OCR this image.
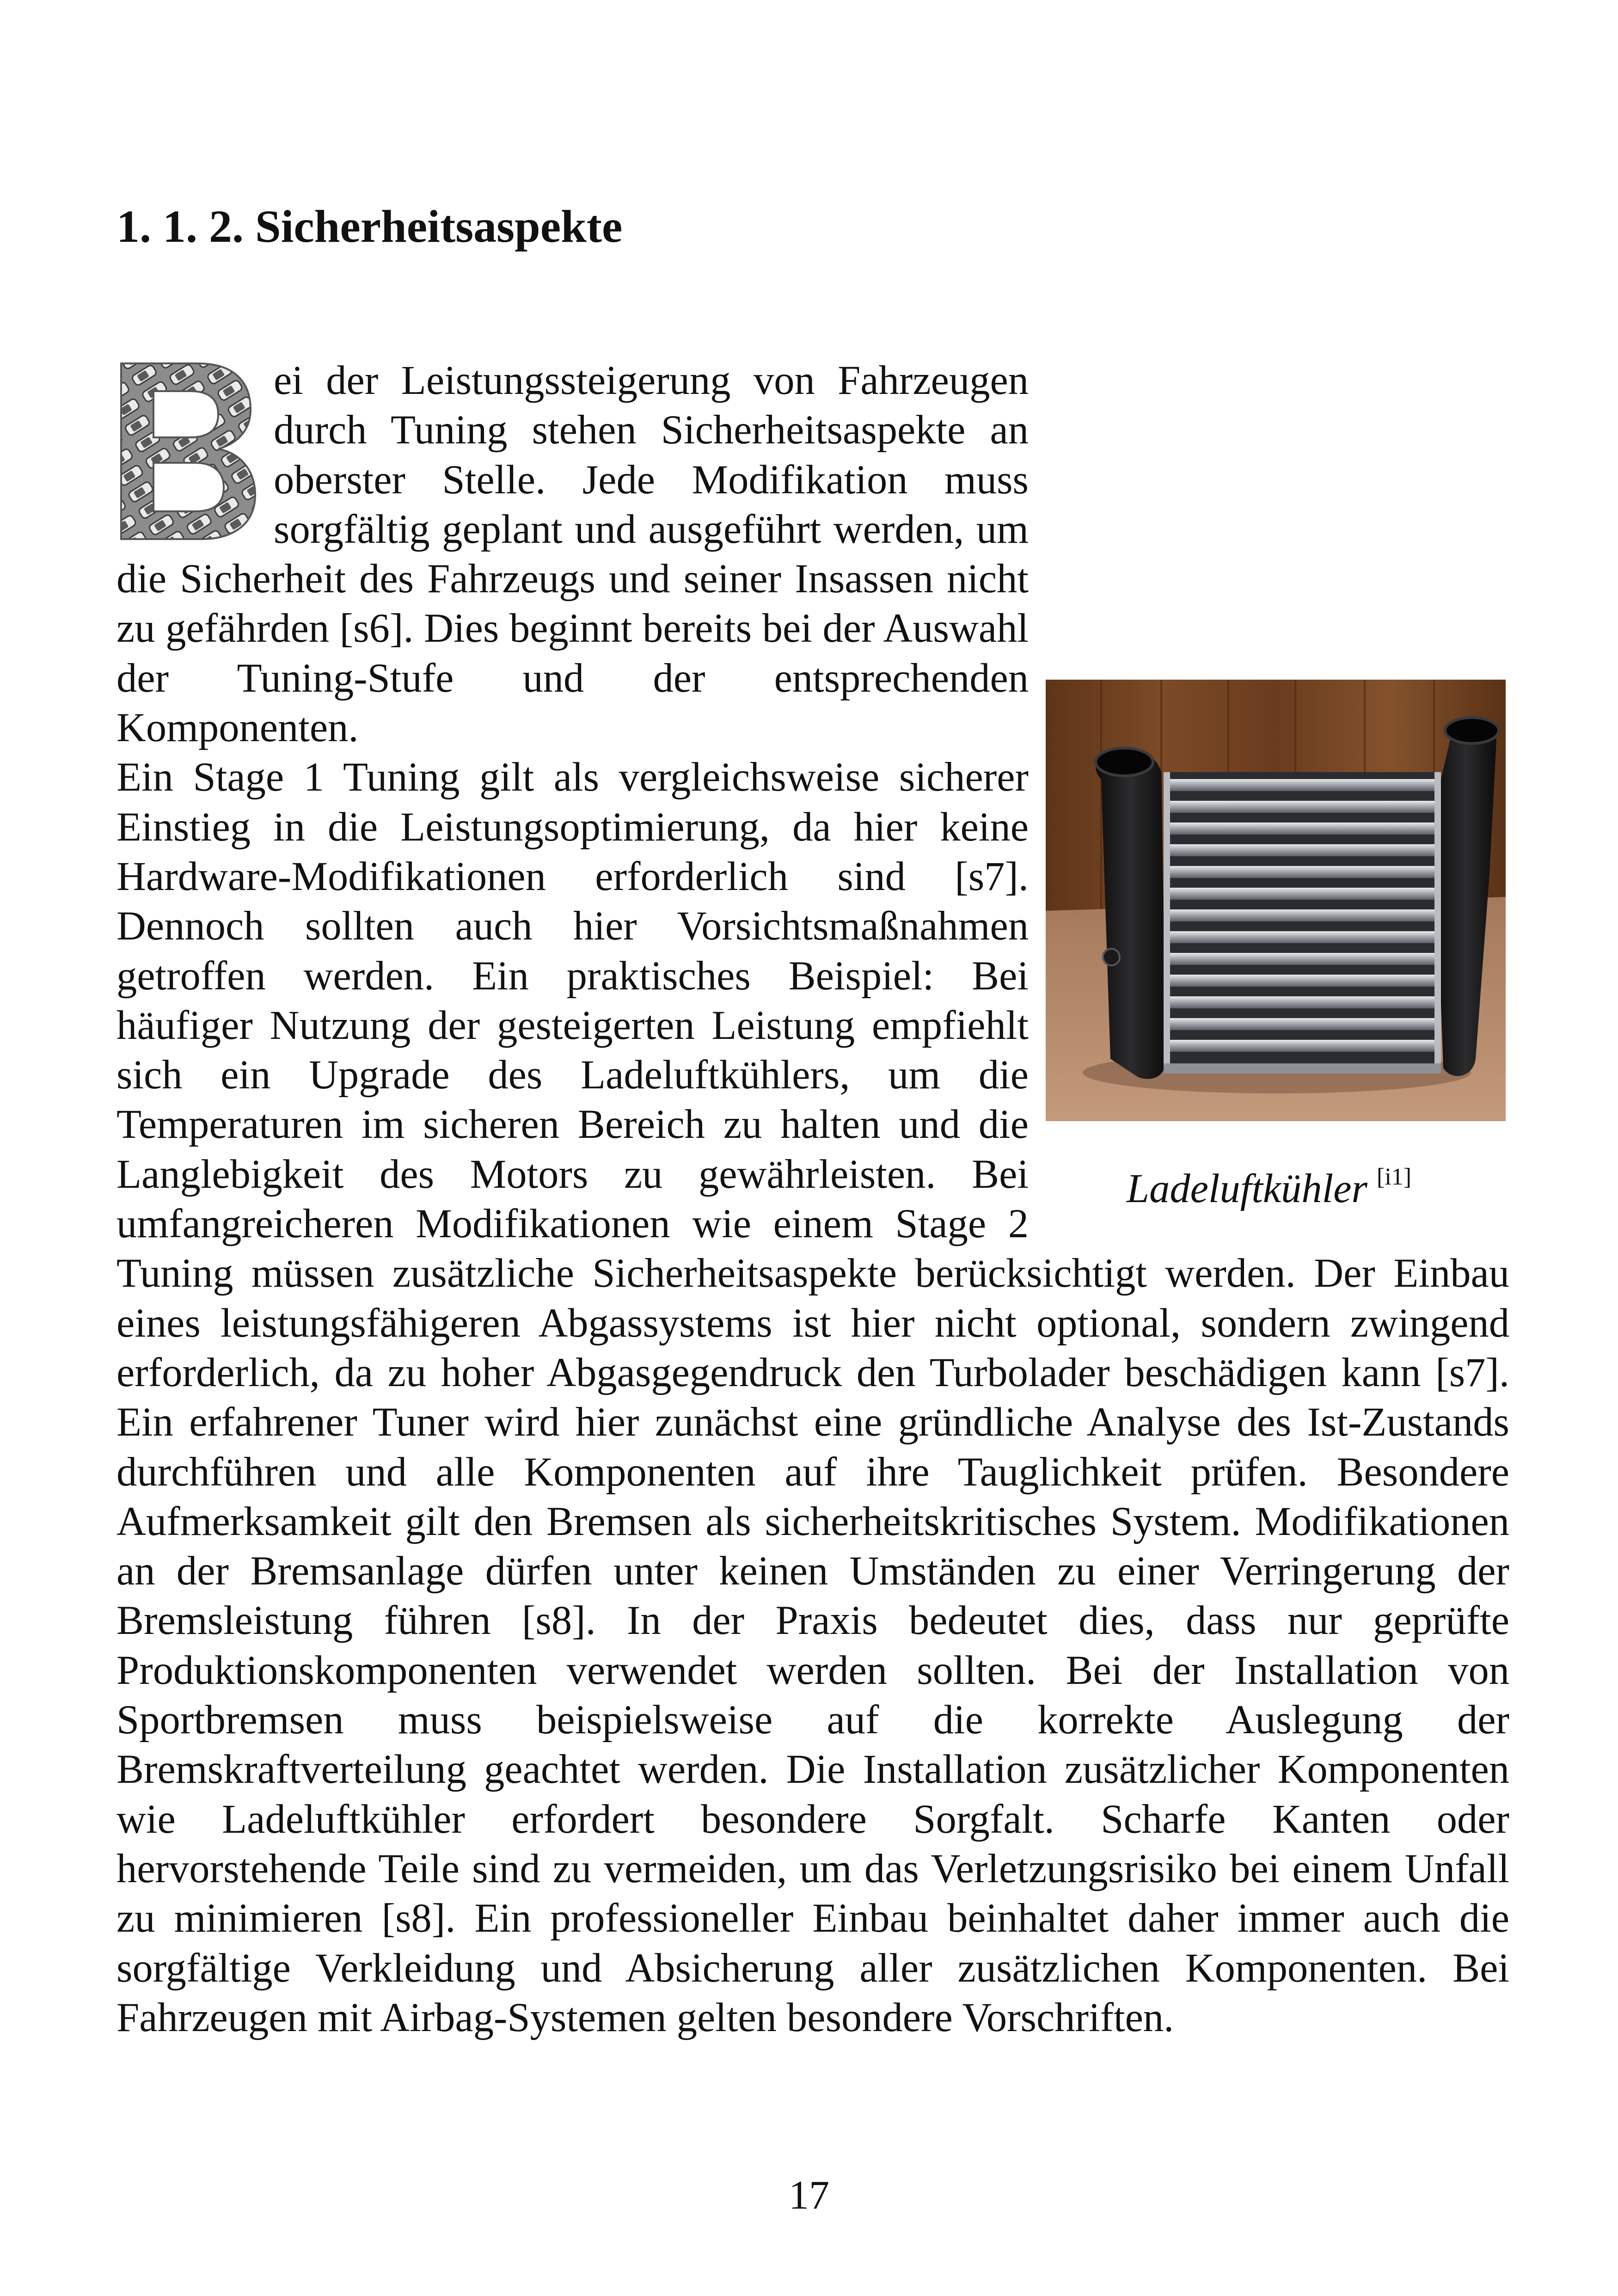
1. 1. 2. Sicherheitsaspekte
Ladeluftkühler [i1]

ei der Leistungssteigerung von Fahrzeugen durch Tuning stehen Sicherheitsaspekte an oberster Stelle. Jede Modifikation muss sorgfältig geplant und ausgeführt werden, um die Sicherheit des Fahrzeugs und seiner Insassen nicht zu gefährden [s6]. Dies beginnt bereits bei der Auswahl der Tuning-Stufe und der entsprechenden Komponenten.

Ein Stage 1 Tuning gilt als vergleichsweise sicherer Einstieg in die Leistungsoptimierung, da hier keine Hardware-Modifikationen erforderlich sind [s7]. Dennoch sollten auch hier Vorsichtsmaßnahmen getroffen werden. Ein praktisches Beispiel: Bei häufiger Nutzung der gesteigerten Leistung empfiehlt sich ein Upgrade des Ladeluftkühlers, um die Temperaturen im sicheren Bereich zu halten und die Langlebigkeit des Motors zu gewährleisten. Bei umfangreicheren Modifikationen wie einem Stage 2 Tuning müssen zusätzliche Sicherheitsaspekte berücksichtigt werden. Der Einbau eines leistungsfähigeren Abgassystems ist hier nicht optional, sondern zwingend erforderlich, da zu hoher Abgasgegendruck den Turbolader beschädigen kann [s7]. Ein erfahrener Tuner wird hier zunächst eine gründliche Analyse des Ist-Zustands durchführen und alle Komponenten auf ihre Tauglichkeit prüfen. Besondere Aufmerksamkeit gilt den Bremsen als sicherheitskritisches System. Modifikationen an der Bremsanlage dürfen unter keinen Umständen zu einer Verringerung der Bremsleistung führen [s8]. In der Praxis bedeutet dies, dass nur geprüfte Produktionskomponenten verwendet werden sollten. Bei der Installation von Sportbremsen muss beispielsweise auf die korrekte Auslegung der Bremskraftverteilung geachtet werden. Die Installation zusätzlicher Komponenten wie Ladeluftkühler erfordert besondere Sorgfalt. Scharfe Kanten oder hervorstehende Teile sind zu vermeiden, um das Verletzungsrisiko bei einem Unfall zu minimieren [s8]. Ein professioneller Einbau beinhaltet daher immer auch die sorgfältige Verkleidung und Absicherung aller zusätzlichen Komponenten. Bei Fahrzeugen mit Airbag-Systemen gelten besondere Vorschriften.

17
